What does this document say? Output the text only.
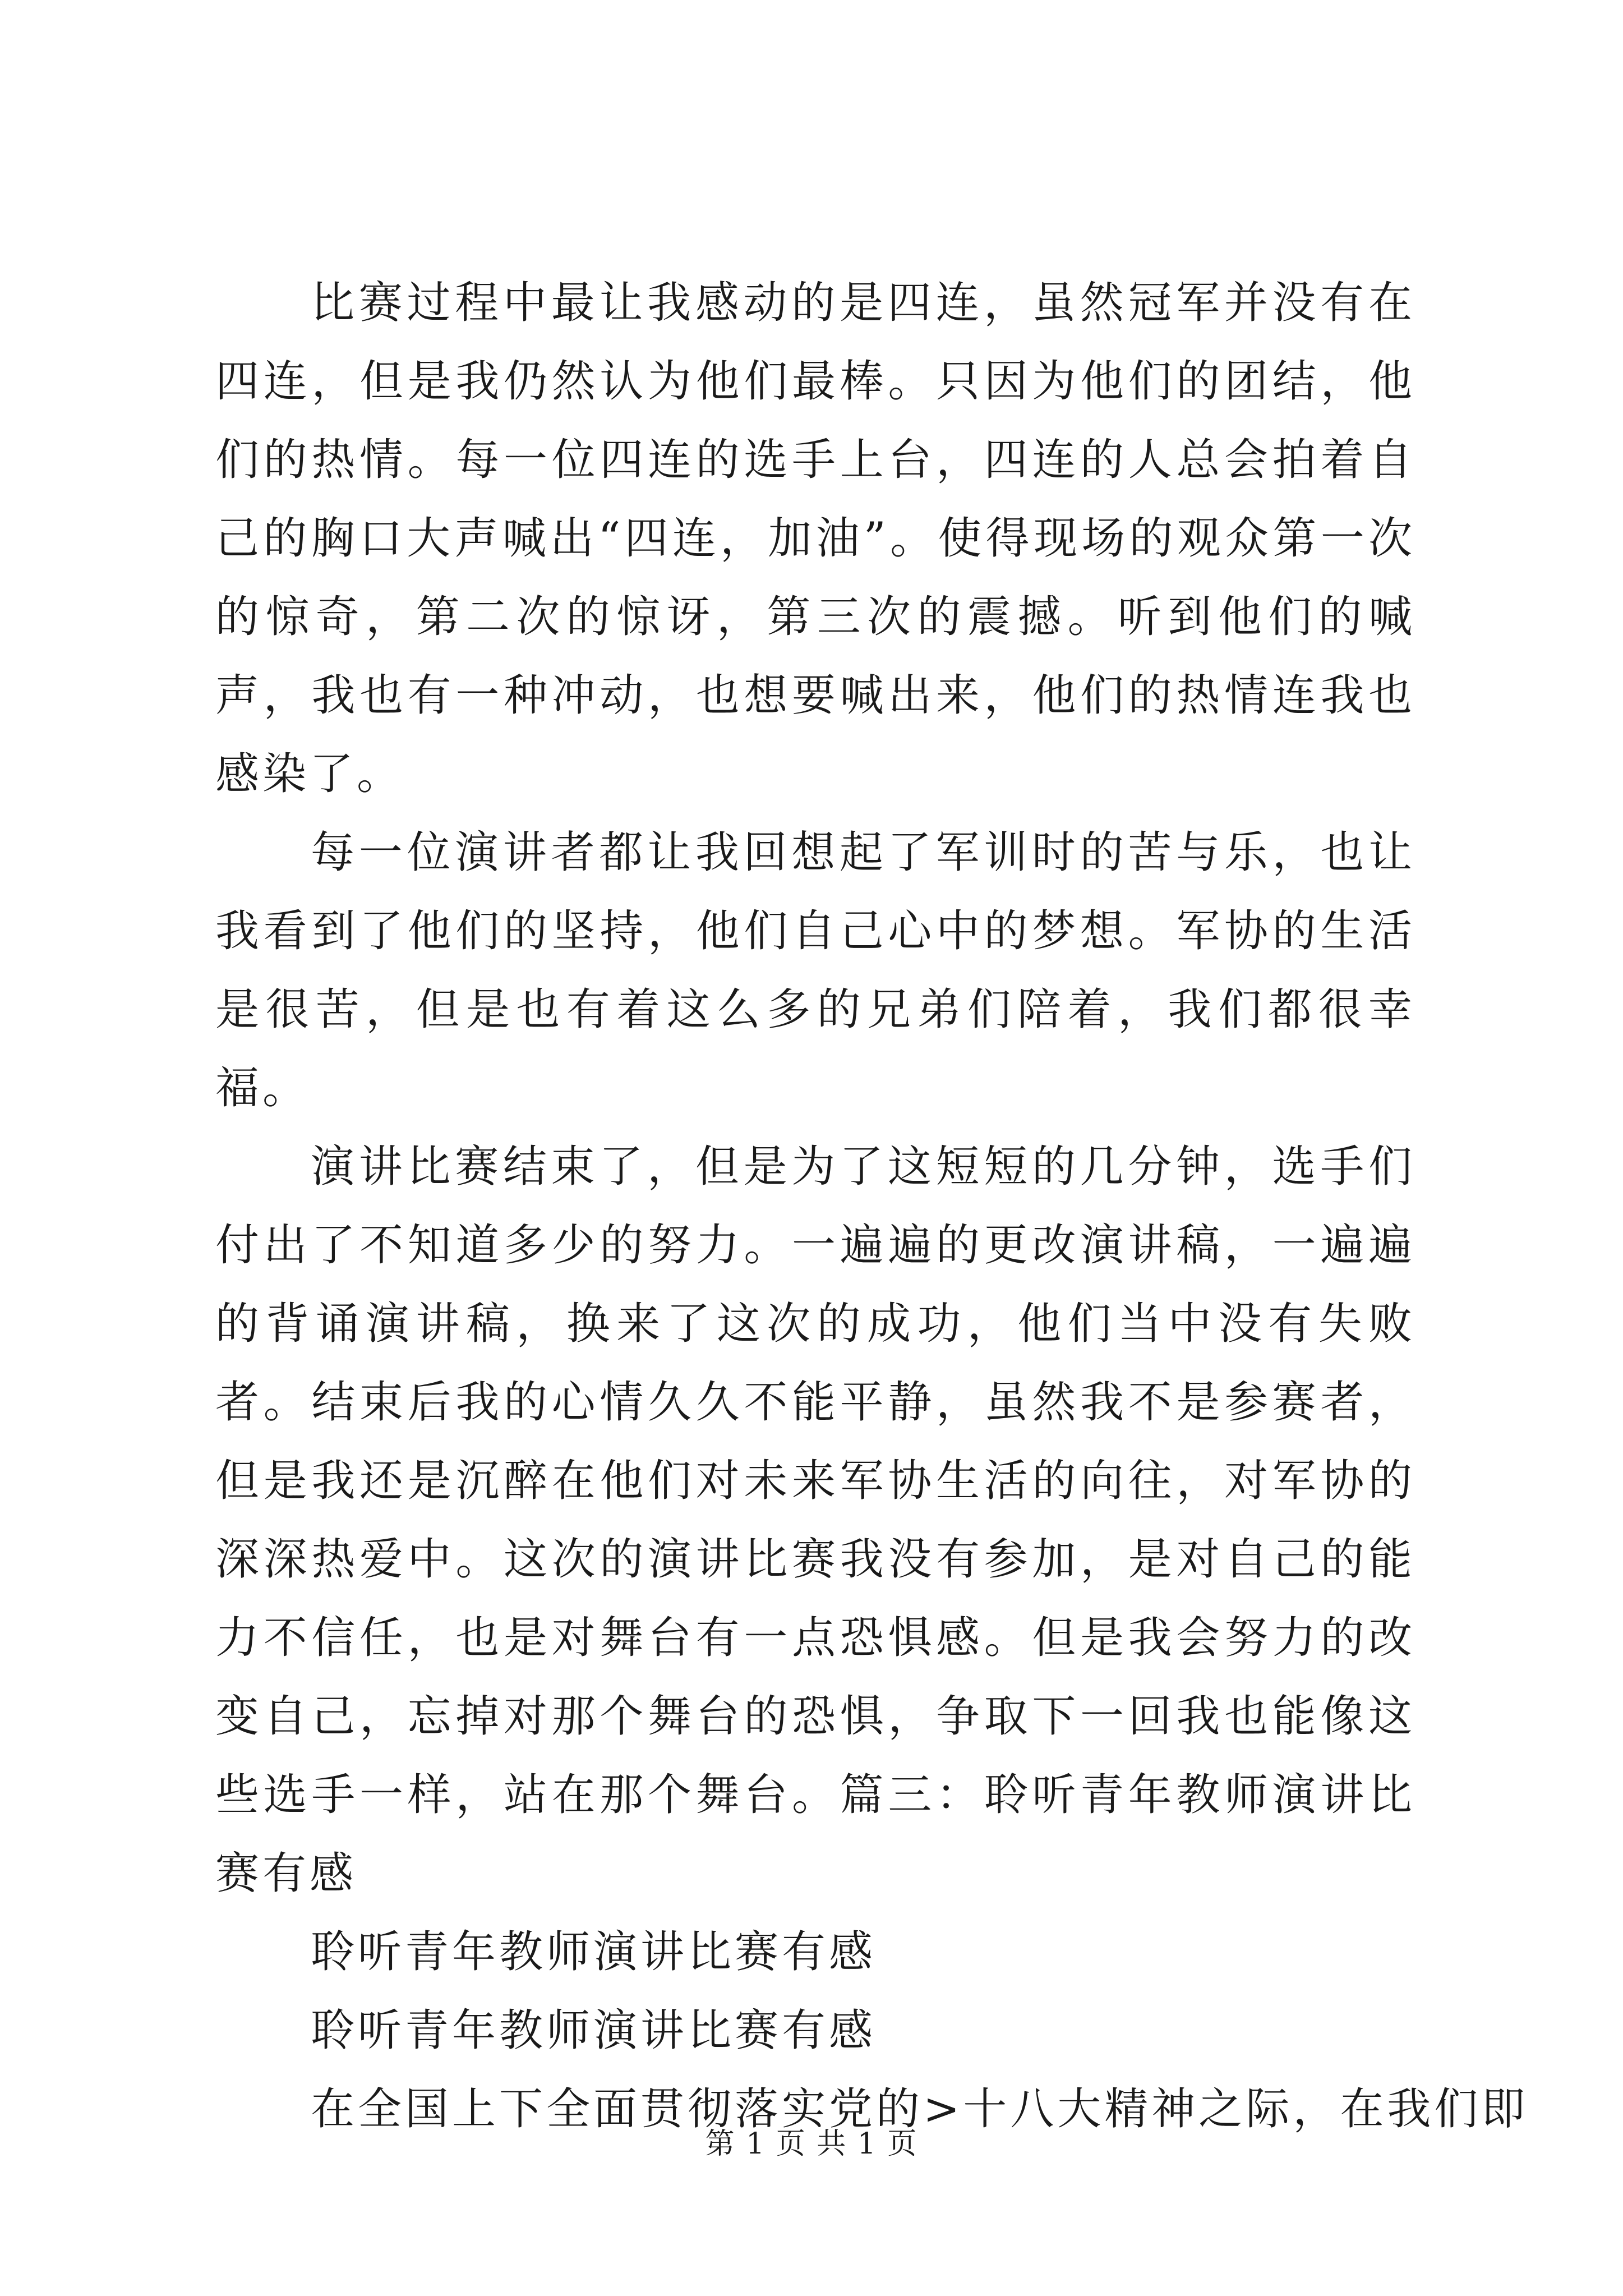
比赛过程中最让我感动的是四连，虽然冠军并没有在四连，但是我仍然认为他们最棒。只因为他们的团结，他们的热情。每一位四连的选手上台，四连的人总会拍着自己的胸口大声喊出“四连，加油”。使得现场的观众第一次的惊奇，第二次的惊讶，第三次的震撼。听到他们的喊声，我也有一种冲动，也想要喊出来，他们的热情连我也感染了。

每一位演讲者都让我回想起了军训时的苦与乐，也让我看到了他们的坚持，他们自己心中的梦想。军协的生活是很苦，但是也有着这么多的兄弟们陪着，我们都很幸福。

演讲比赛结束了，但是为了这短短的几分钟，选手们付出了不知道多少的努力。一遍遍的更改演讲稿，一遍遍的背诵演讲稿，换来了这次的成功，他们当中没有失败者。结束后我的心情久久不能平静，虽然我不是参赛者，但是我还是沉醉在他们对未来军协生活的向往，对军协的深深热爱中。这次的演讲比赛我没有参加，是对自己的能力不信任，也是对舞台有一点恐惧感。但是我会努力的改变自己，忘掉对那个舞台的恐惧，争取下一回我也能像这些选手一样，站在那个舞台。篇三：聆听青年教师演讲比赛有感

聆听青年教师演讲比赛有感

聆听青年教师演讲比赛有感

在全国上下全面贯彻落实党的>十八大精神之际，在我们即

第 1 页 共 1 页
